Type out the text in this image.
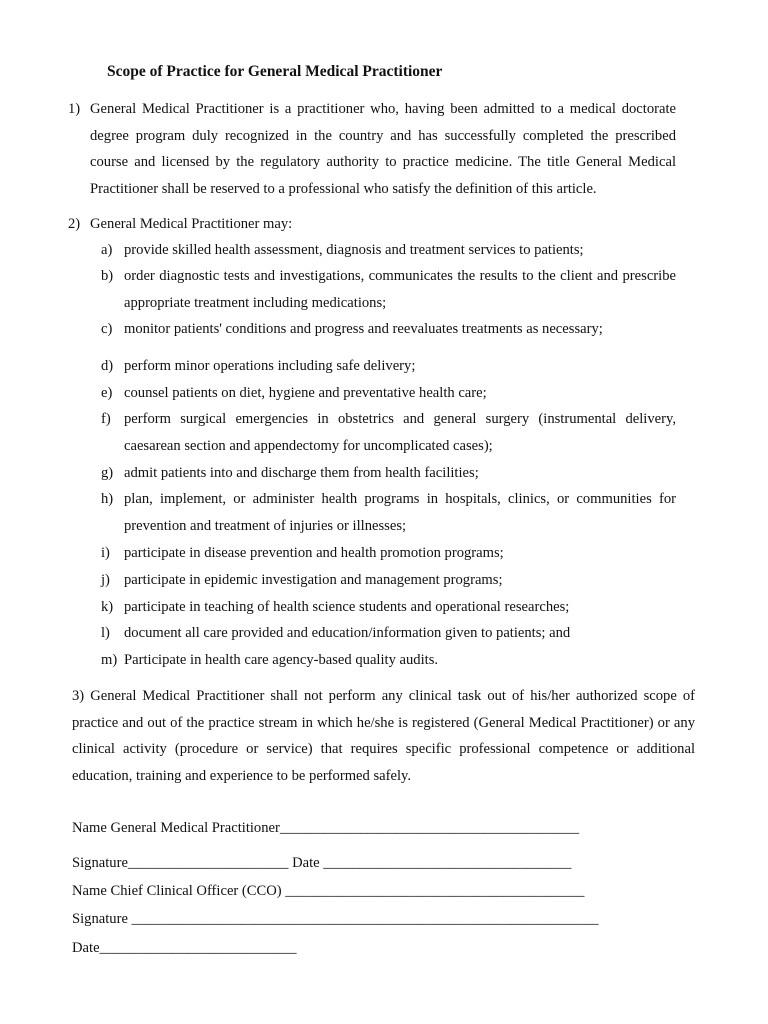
Scope of Practice for General Medical Practitioner
1) General Medical Practitioner is a practitioner who, having been admitted to a medical doctorate degree program duly recognized in the country and has successfully completed the prescribed course and licensed by the regulatory authority to practice medicine. The title General Medical Practitioner shall be reserved to a professional who satisfy the definition of this article.
2) General Medical Practitioner may:
a) provide skilled health assessment, diagnosis and treatment services to patients;
b) order diagnostic tests and investigations, communicates the results to the client and prescribe appropriate treatment including medications;
c) monitor patients' conditions and progress and reevaluates treatments as necessary;
d) perform minor operations including safe delivery;
e) counsel patients on diet, hygiene and preventative health care;
f) perform surgical emergencies in obstetrics and general surgery (instrumental delivery, caesarean section and appendectomy for uncomplicated cases);
g) admit patients into and discharge them from health facilities;
h) plan, implement, or administer health programs in hospitals, clinics, or communities for prevention and treatment of injuries or illnesses;
i) participate in disease prevention and health promotion programs;
j) participate in epidemic investigation and management programs;
k) participate in teaching of health science students and operational researches;
l) document all care provided and education/information given to patients; and
m) Participate in health care agency-based quality audits.
3) General Medical Practitioner shall not perform any clinical task out of his/her authorized scope of practice and out of the practice stream in which he/she is registered (General Medical Practitioner) or any clinical activity (procedure or service) that requires specific professional competence or additional education, training and experience to be performed safely.
Name General Medical Practitioner_________________________________________
Signature______________________ Date __________________________________
Name Chief Clinical Officer (CCO) _________________________________________
Signature ________________________________________________________________
Date___________________________
